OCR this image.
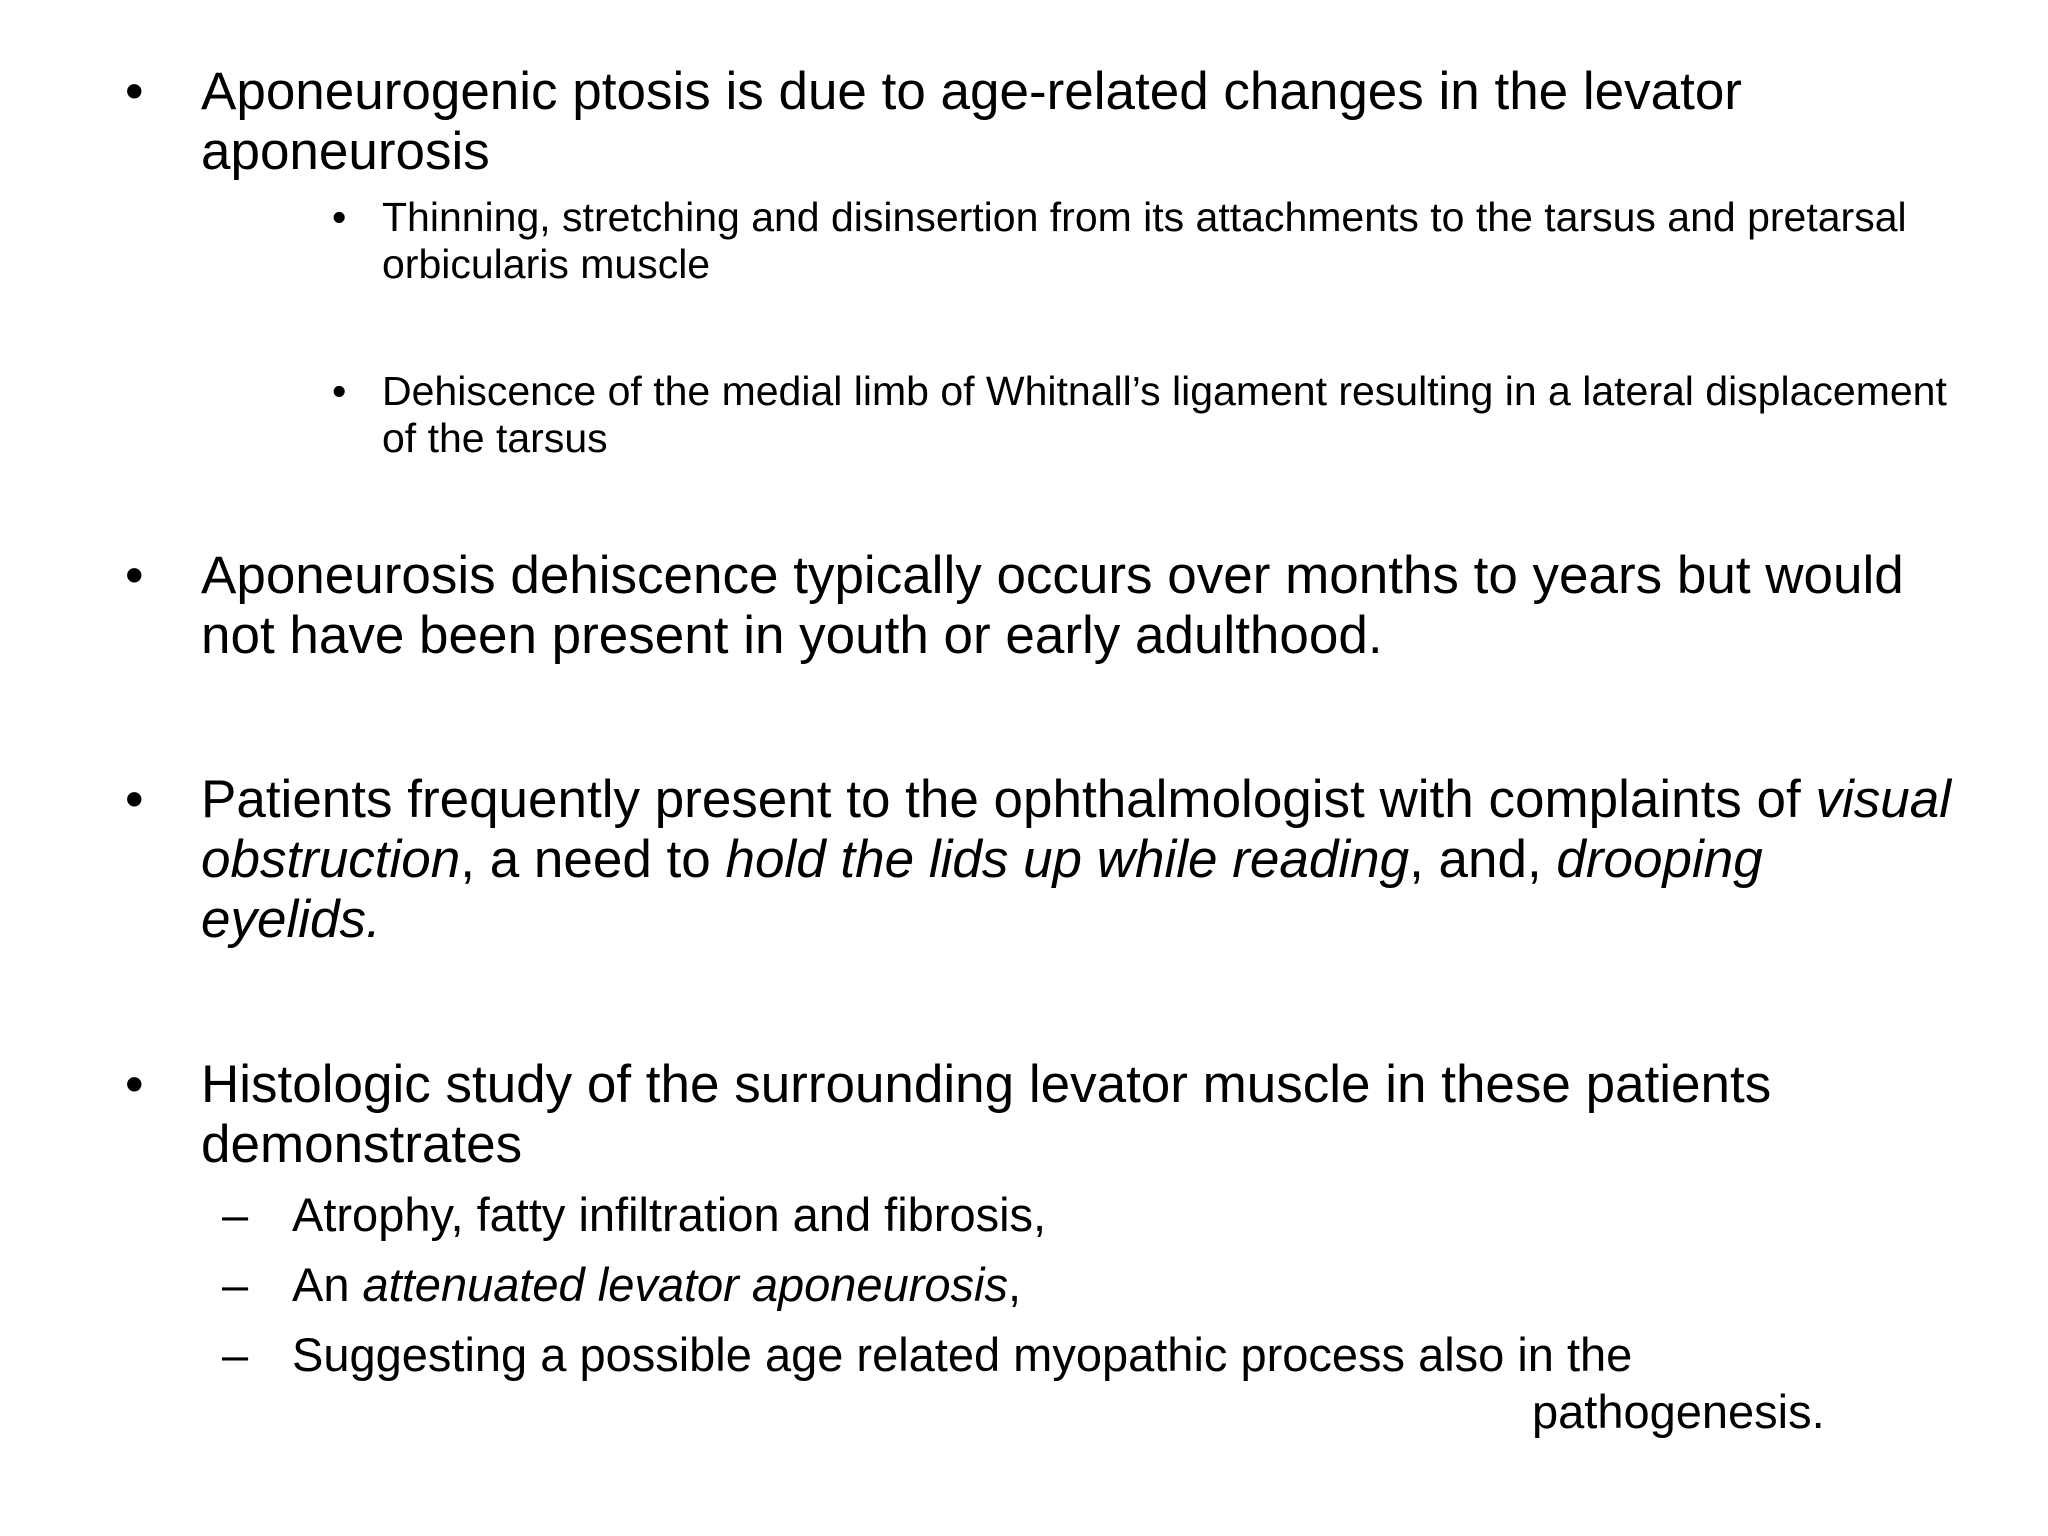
• Aponeurogenic ptosis is due to age-related changes in the levator aponeurosis
• Thinning, stretching and disinsertion from its attachments to the tarsus and pretarsal orbicularis muscle
• Dehiscence of the medial limb of Whitnall’s ligament resulting in a lateral displacement of the tarsus
• Aponeurosis dehiscence typically occurs over months to years but would not have been present in youth or early adulthood.
• Patients frequently present to the ophthalmologist with complaints of visual obstruction, a need to hold the lids up while reading, and, drooping eyelids.
• Histologic study of the surrounding levator muscle in these patients demonstrates
– Atrophy, fatty infiltration and fibrosis,
– An attenuated levator aponeurosis,
– Suggesting a possible age related myopathic process also in the
pathogenesis.
